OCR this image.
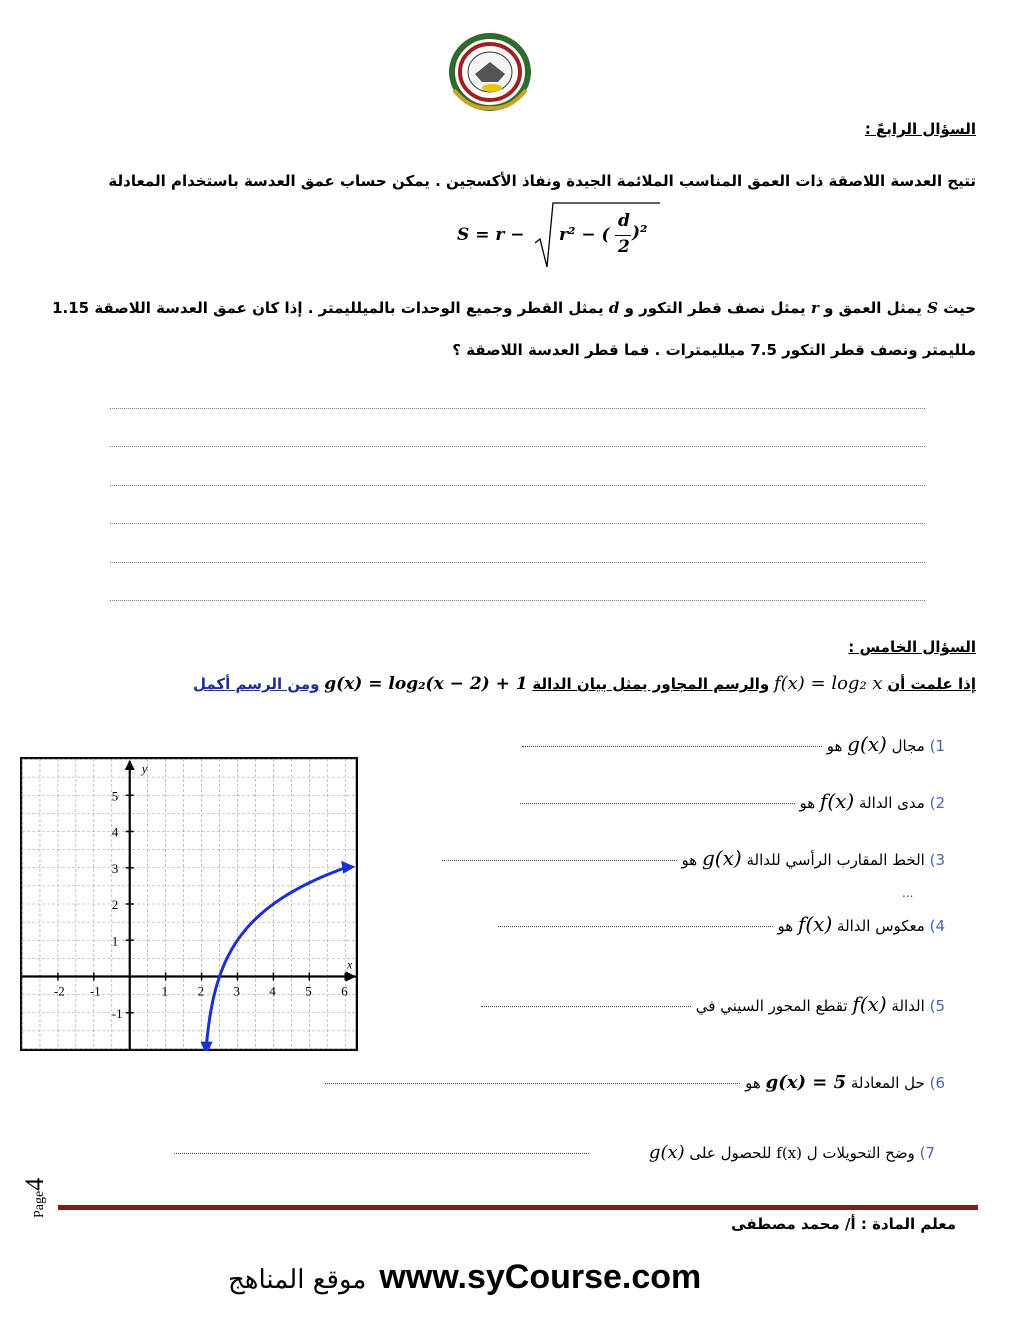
السؤال الرابعً :
تتيح العدسة اللاصقة ذات العمق المناسب الملائمة الجيدة ونفاذ الأكسجين . يمكن حساب عمق العدسة باستخدام المعادلة
S = r − r² − (
d
2
)²
حيث S يمثل العمق و r يمثل نصف قطر التكور و d يمثل القطر وجميع الوحدات بالميلليمتر . إذا كان عمق العدسة اللاصقة 1.15
ملليمتر ونصف قطر التكور 7.5 ميلليمترات . فما قطر العدسة اللاصقة ؟
السؤال الخامس :
إذا علمت أن f(x) = log₂ x والرسم المجاور يمثل بيان الدالة g(x) = log₂(x − 2) + 1 ومن الرسم أكمل
-2 -1	1 2 3 4 5 6
5
4
3
2
1
-1
x
y
1) مجال g(x) هو
2) مدى الدالة f(x) هو
3) الخط المقارب الرأسي للدالة g(x) هو
...
4) معكوس الدالة f(x) هو
5) الدالة f(x) تقطع المحور السيني في
6) حل المعادلة g(x) = 5 هو
7) وضح التحويلات ل f(x) للحصول على g(x)
Page4
معلم المادة : أ/ محمد مصطفى
موقع المناهج www.syCourse.com
